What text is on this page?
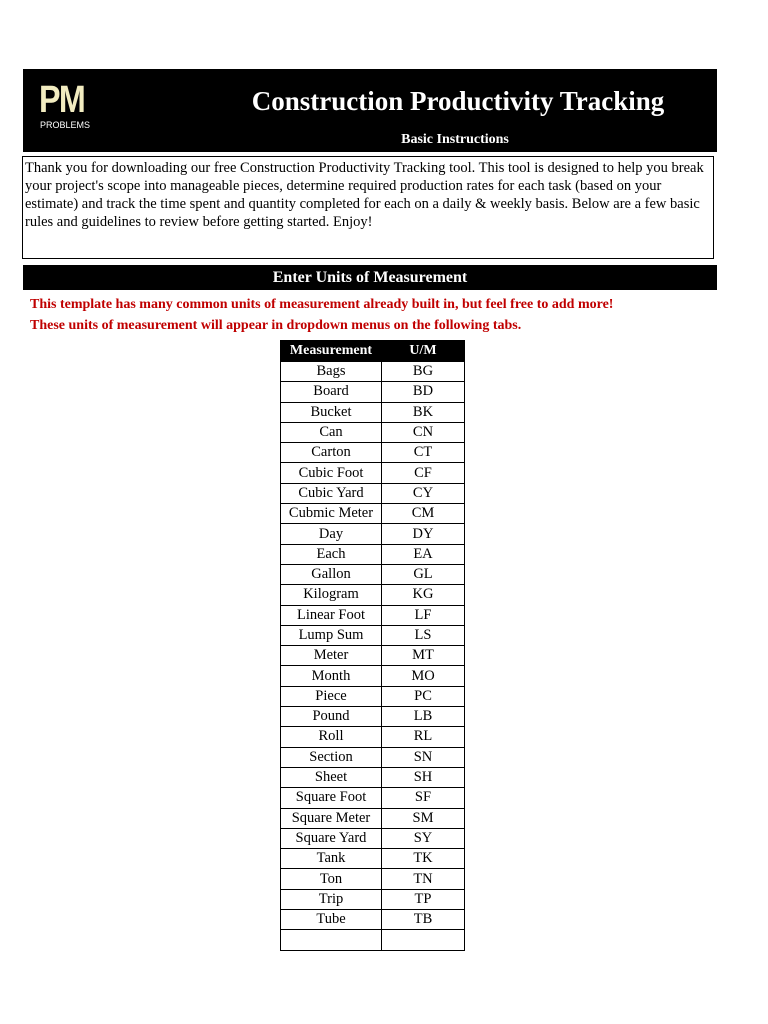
PM
PROBLEMS
Construction Productivity Tracking
Basic Instructions
Thank you for downloading our free Construction Productivity Tracking tool. This tool is designed to help you break your project's scope into manageable pieces, determine required production rates for each task (based on your estimate) and track the time spent and quantity completed for each on a daily & weekly basis. Below are a few basic rules and guidelines to review before getting started. Enjoy!
Enter Units of Measurement
This template has many common units of measurement already built in, but feel free to add more!
These units of measurement will appear in dropdown menus on the following tabs.
Measurement	U/M
Bags	BG
Board	BD
Bucket	BK
Can	CN
Carton	CT
Cubic Foot	CF
Cubic Yard	CY
Cubmic Meter	CM
Day	DY
Each	EA
Gallon	GL
Kilogram	KG
Linear Foot	LF
Lump Sum	LS
Meter	MT
Month	MO
Piece	PC
Pound	LB
Roll	RL
Section	SN
Sheet	SH
Square Foot	SF
Square Meter	SM
Square Yard	SY
Tank	TK
Ton	TN
Trip	TP
Tube	TB
